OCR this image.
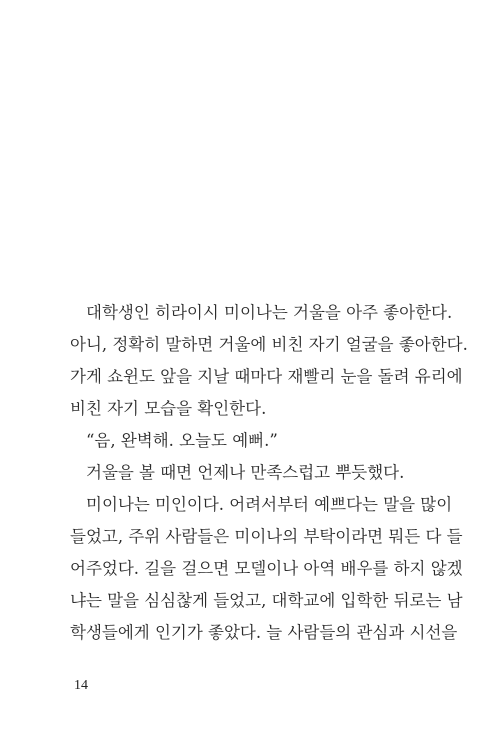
대학생인 히라이시 미이나는 거울을 아주 좋아한다.
아니, 정확히 말하면 거울에 비친 자기 얼굴을 좋아한다.
가게 쇼윈도 앞을 지날 때마다 재빨리 눈을 돌려 유리에
비친 자기 모습을 확인한다.
“음, 완벽해. 오늘도 예뻐.”
거울을 볼 때면 언제나 만족스럽고 뿌듯했다.
미이나는 미인이다. 어려서부터 예쁘다는 말을 많이
들었고, 주위 사람들은 미이나의 부탁이라면 뭐든 다 들
어주었다. 길을 걸으면 모델이나 아역 배우를 하지 않겠
냐는 말을 심심찮게 들었고, 대학교에 입학한 뒤로는 남
학생들에게 인기가 좋았다. 늘 사람들의 관심과 시선을
14
